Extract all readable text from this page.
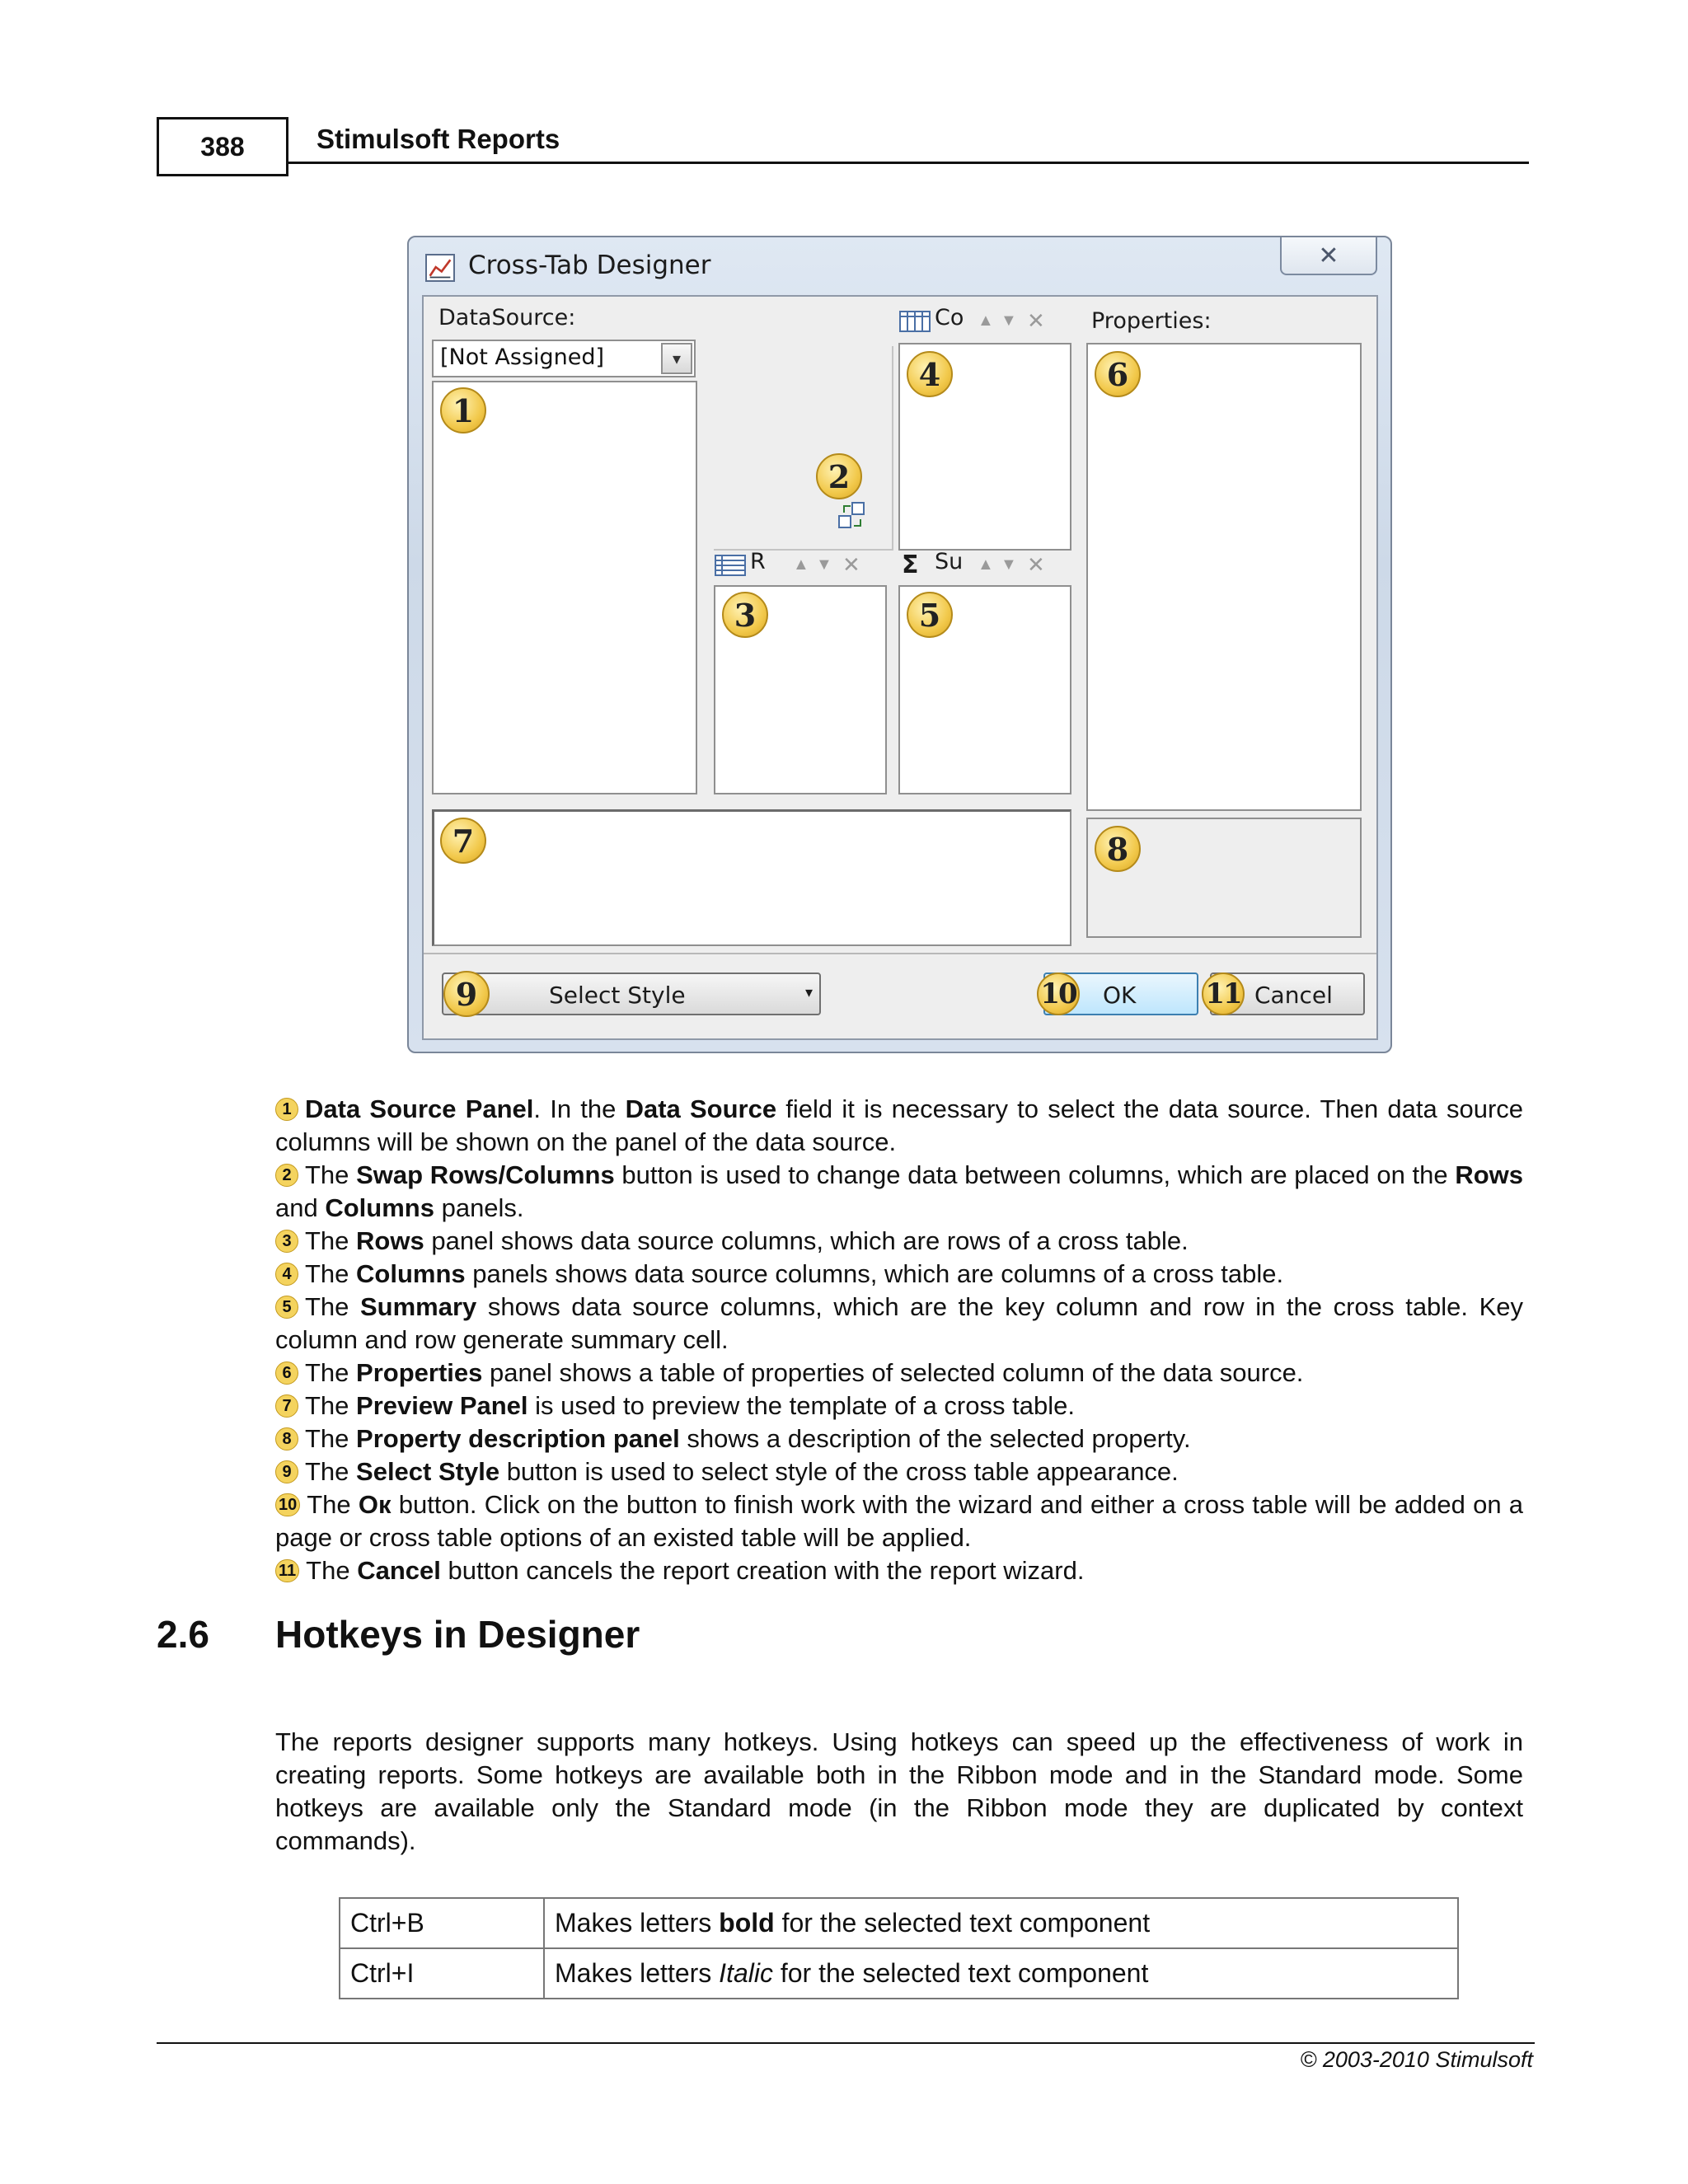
388	Stimulsoft Reports
Cross-Tab Designer	✕
DataSource:
[Not Assigned]	▾
1
2
Co ▲ ▼ ✕
4
R ▲ ▼ ✕
3
Σ Su ▲ ▼ ✕
5
Properties:
6
7	8
Select Style	▾
9	OK
10	Cancel
11

1 Data Source Panel. In the Data Source field it is necessary to select the data source. Then data source columns will be shown on the panel of the data source.

2 The Swap Rows/Columns button is used to change data between columns, which are placed on the Rows and Columns panels.

3 The Rows panel shows data source columns, which are rows of a cross table.

4 The Columns panels shows data source columns, which are columns of a cross table.

5 The Summary shows data source columns, which are the key column and row in the cross table. Key column and row generate summary cell.

6 The Properties panel shows a table of properties of selected column of the data source.

7 The Preview Panel is used to preview the template of a cross table.

8 The Property description panel shows a description of the selected property.

9 The Select Style button is used to select style of the cross table appearance.

10 The Oк button. Click on the button to finish work with the wizard and either a cross table will be added on a page or cross table options of an existed table will be applied.

11 The Cancel button cancels the report creation with the report wizard.

2.6 Hotkeys in Designer

The reports designer supports many hotkeys. Using hotkeys can speed up the effectiveness of work in creating reports. Some hotkeys are available both in the Ribbon mode and in the Standard mode. Some hotkeys are available only the Standard mode (in the Ribbon mode they are duplicated by context commands).

Ctrl+B	Makes letters bold for the selected text component
Ctrl+I	Makes letters Italic for the selected text component
© 2003-2010 Stimulsoft
